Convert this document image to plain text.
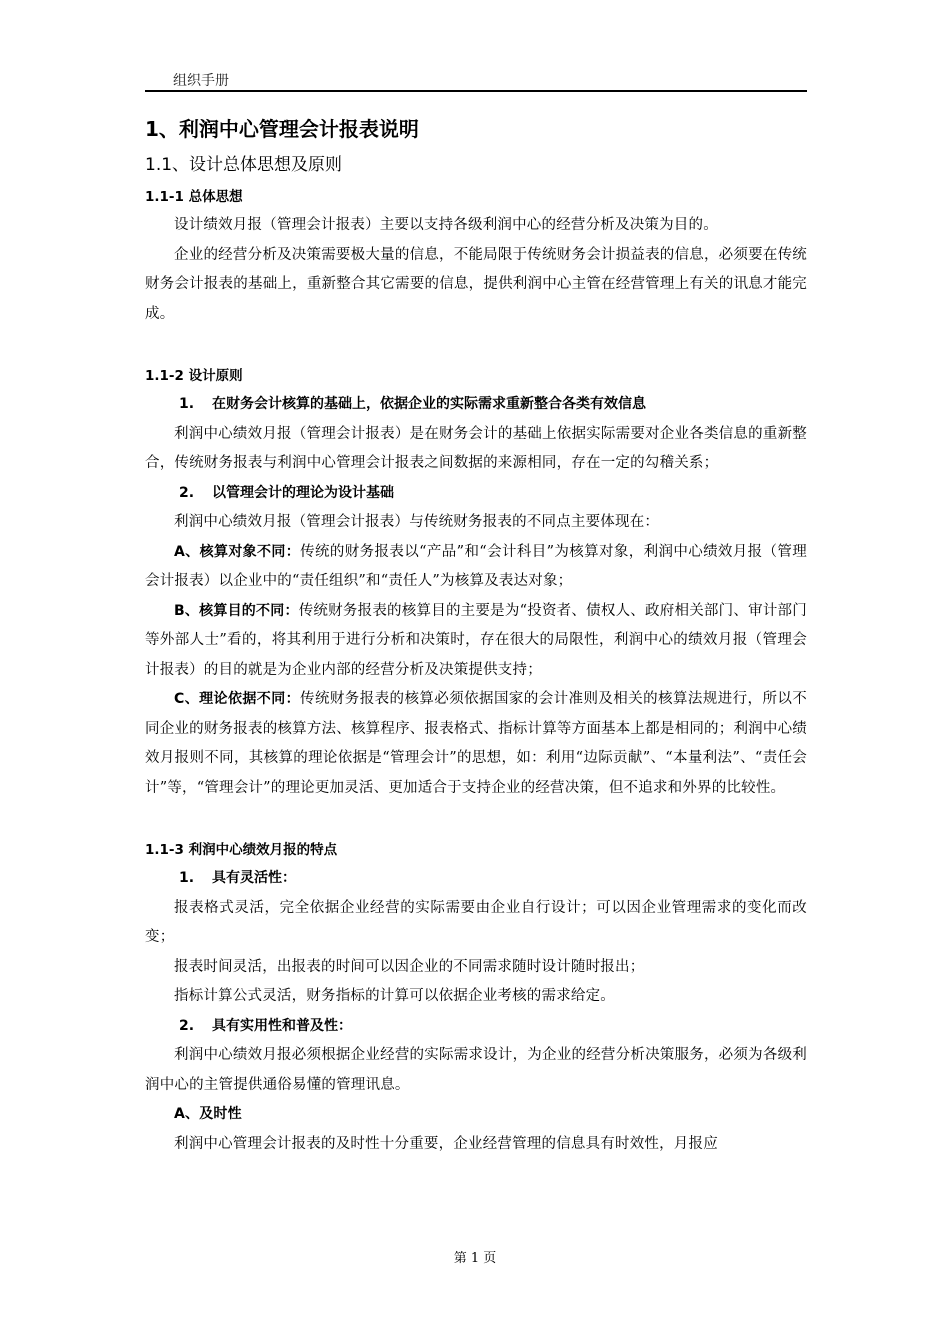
组织手册
1、利润中心管理会计报表说明
1.1、设计总体思想及原则
1.1-1 总体思想

设计绩效月报（管理会计报表）主要以支持各级利润中心的经营分析及决策为目的。

企业的经营分析及决策需要极大量的信息，不能局限于传统财务会计损益表的信息，必须要在传统财务会计报表的基础上，重新整合其它需要的信息，提供利润中心主管在经营管理上有关的讯息才能完成。

1.1-2 设计原则

1. 在财务会计核算的基础上，依据企业的实际需求重新整合各类有效信息

利润中心绩效月报（管理会计报表）是在财务会计的基础上依据实际需要对企业各类信息的重新整合，传统财务报表与利润中心管理会计报表之间数据的来源相同，存在一定的勾稽关系；

2. 以管理会计的理论为设计基础

利润中心绩效月报（管理会计报表）与传统财务报表的不同点主要体现在：

A、核算对象不同：传统的财务报表以“产品”和“会计科目”为核算对象，利润中心绩效月报（管理会计报表）以企业中的“责任组织”和“责任人”为核算及表达对象；

B、核算目的不同：传统财务报表的核算目的主要是为“投资者、债权人、政府相关部门、审计部门等外部人士”看的，将其利用于进行分析和决策时，存在很大的局限性，利润中心的绩效月报（管理会计报表）的目的就是为企业内部的经营分析及决策提供支持；

C、理论依据不同：传统财务报表的核算必须依据国家的会计准则及相关的核算法规进行，所以不同企业的财务报表的核算方法、核算程序、报表格式、指标计算等方面基本上都是相同的；利润中心绩效月报则不同，其核算的理论依据是“管理会计”的思想，如：利用“边际贡献”、“本量利法”、“责任会计”等，“管理会计”的理论更加灵活、更加适合于支持企业的经营决策，但不追求和外界的比较性。

1.1-3 利润中心绩效月报的特点

1. 具有灵活性：

报表格式灵活，完全依据企业经营的实际需要由企业自行设计；可以因企业管理需求的变化而改变；

报表时间灵活，出报表的时间可以因企业的不同需求随时设计随时报出；

指标计算公式灵活，财务指标的计算可以依据企业考核的需求给定。

2. 具有实用性和普及性：

利润中心绩效月报必须根据企业经营的实际需求设计，为企业的经营分析决策服务，必须为各级利润中心的主管提供通俗易懂的管理讯息。

A、及时性

利润中心管理会计报表的及时性十分重要，企业经营管理的信息具有时效性，月报应

第 1 页
